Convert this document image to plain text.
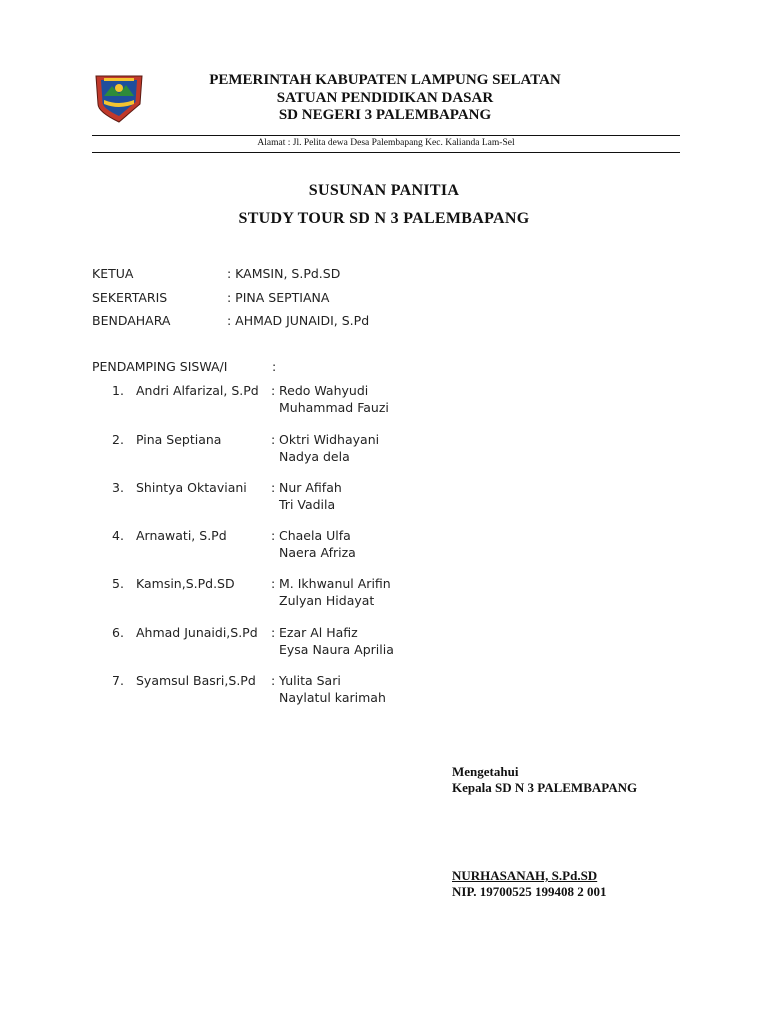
PEMERINTAH KABUPATEN LAMPUNG SELATAN
SATUAN PENDIDIKAN DASAR
SD NEGERI 3 PALEMBAPANG
Alamat : Jl. Pelita dewa Desa Palembapang Kec. Kalianda Lam-Sel
SUSUNAN PANITIA
STUDY TOUR SD N 3 PALEMBAPANG
KETUA	: KAMSIN, S.Pd.SD
SEKERTARIS	: PINA SEPTIANA
BENDAHARA	: AHMAD JUNAIDI, S.Pd
PENDAMPING SISWA/I	:
1. Andri Alfarizal, S.Pd : Redo Wahyudi
Muhammad Fauzi
2. Pina Septiana	: Oktri Widhayani
Nadya dela
3. Shintya Oktaviani : Nur Afifah
Tri Vadila
4. Arnawati, S.Pd	: Chaela Ulfa
Naera Afriza
5. Kamsin,S.Pd.SD	: M. Ikhwanul Arifin
Zulyan Hidayat
6. Ahmad Junaidi,S.Pd : Ezar Al Hafiz
Eysa Naura Aprilia
7. Syamsul Basri,S.Pd : Yulita Sari
Naylatul karimah
Mengetahui
Kepala SD N 3 PALEMBAPANG
NURHASANAH, S.Pd.SD
NIP. 19700525 199408 2 001
